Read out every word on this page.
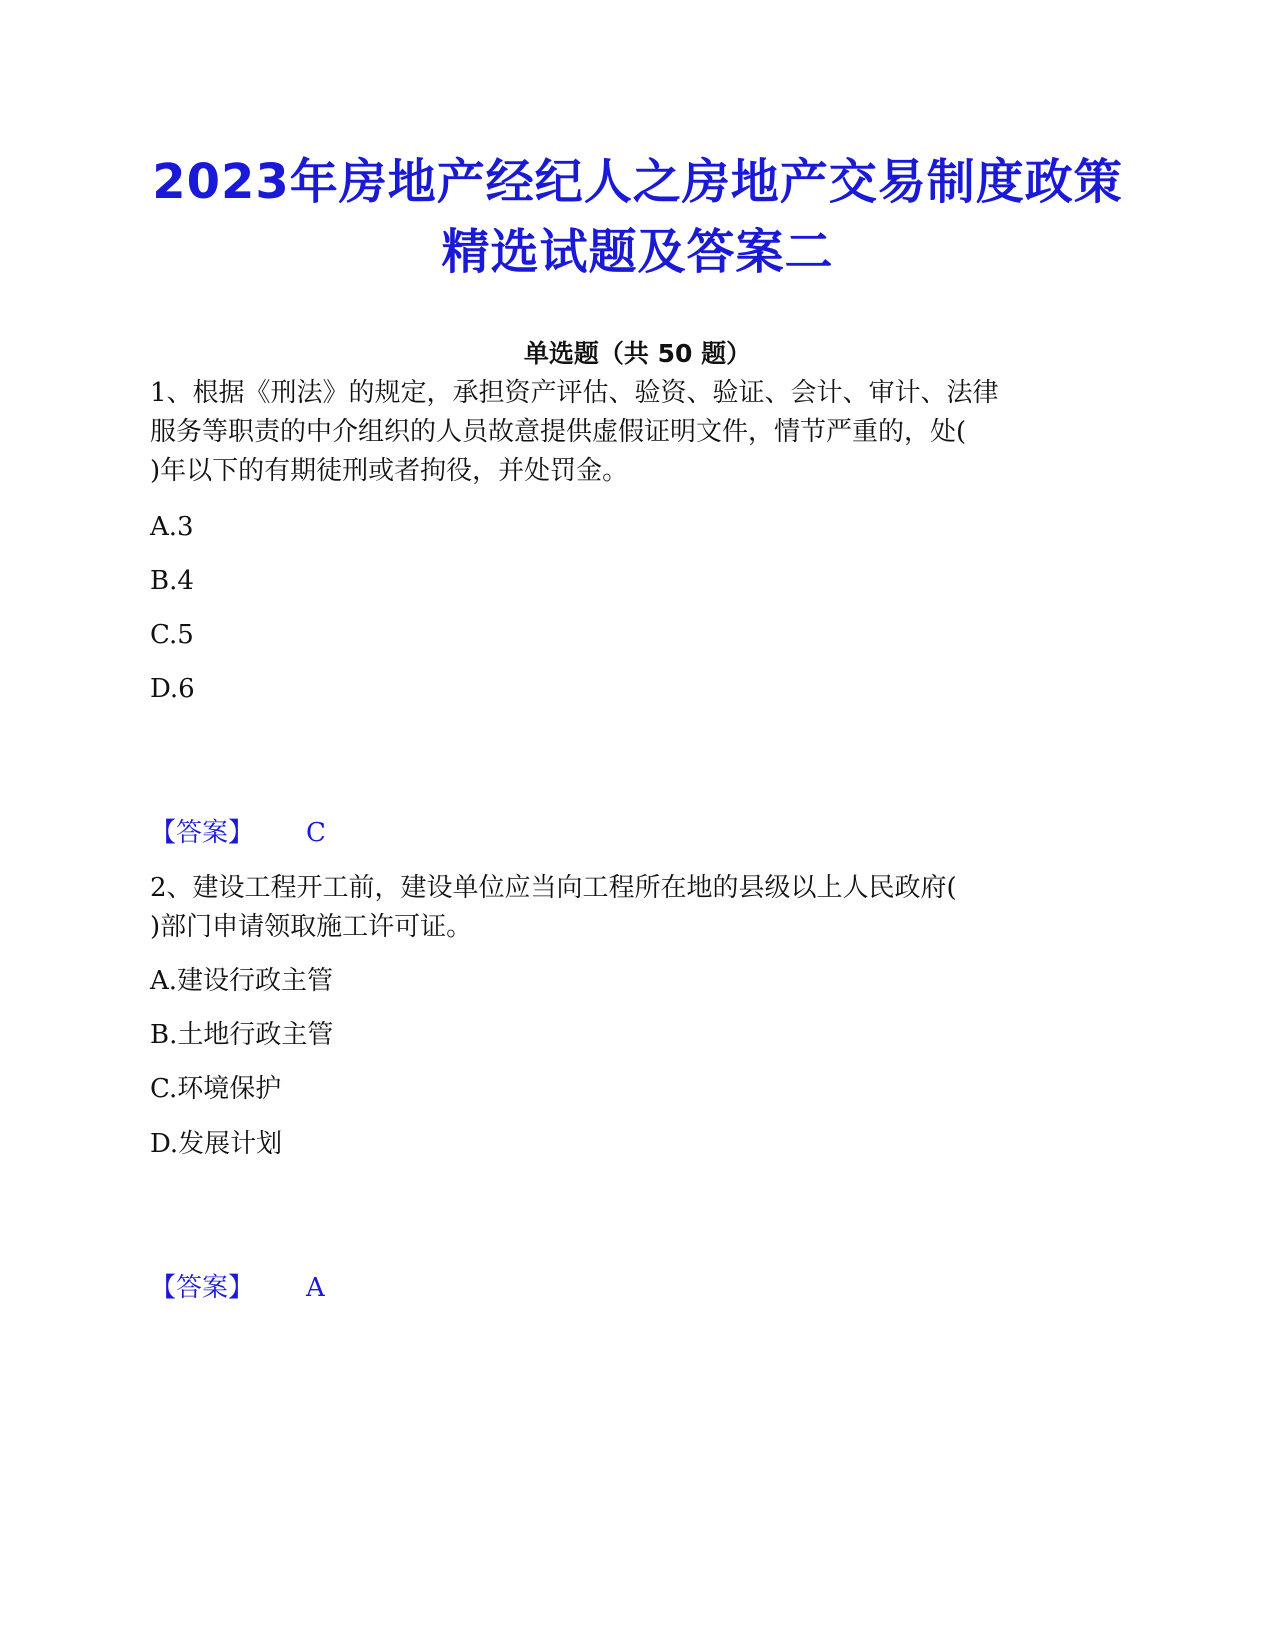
2023年房地产经纪人之房地产交易制度政策
精选试题及答案二
单选题（共 50 题）
1、根据《刑法》的规定，承担资产评估、验资、验证、会计、审计、法律
服务等职责的中介组织的人员故意提供虚假证明文件，情节严重的，处(
)年以下的有期徒刑或者拘役，并处罚金。
A.3
B.4
C.5
D.6
【答案】 C
2、建设工程开工前，建设单位应当向工程所在地的县级以上人民政府(
)部门申请领取施工许可证。
A.建设行政主管
B.土地行政主管
C.环境保护
D.发展计划
【答案】 A
